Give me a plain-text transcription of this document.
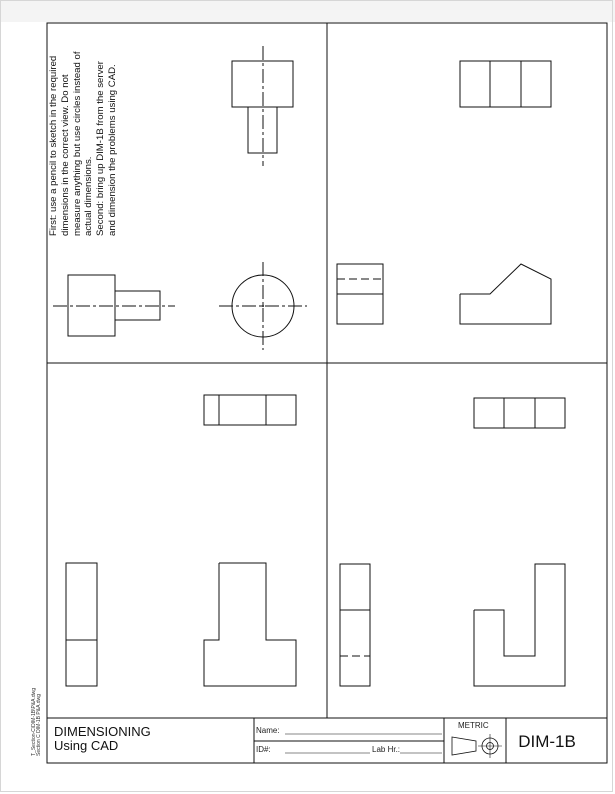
First: use a pencil to sketch in the required dimensions in the correct view. Do not measure anything but use circles instead of actual dimensions. Second: bring up DIM-1B from the server and dimension the problems using CAD.
T_Section-C\DIM-1B\P&A.dwg Section C DIM-1B P&A.dwg DIMENSIONING
Using CAD
Name:
ID#:	Lab Hr.:
METRIC
DIM-1B
